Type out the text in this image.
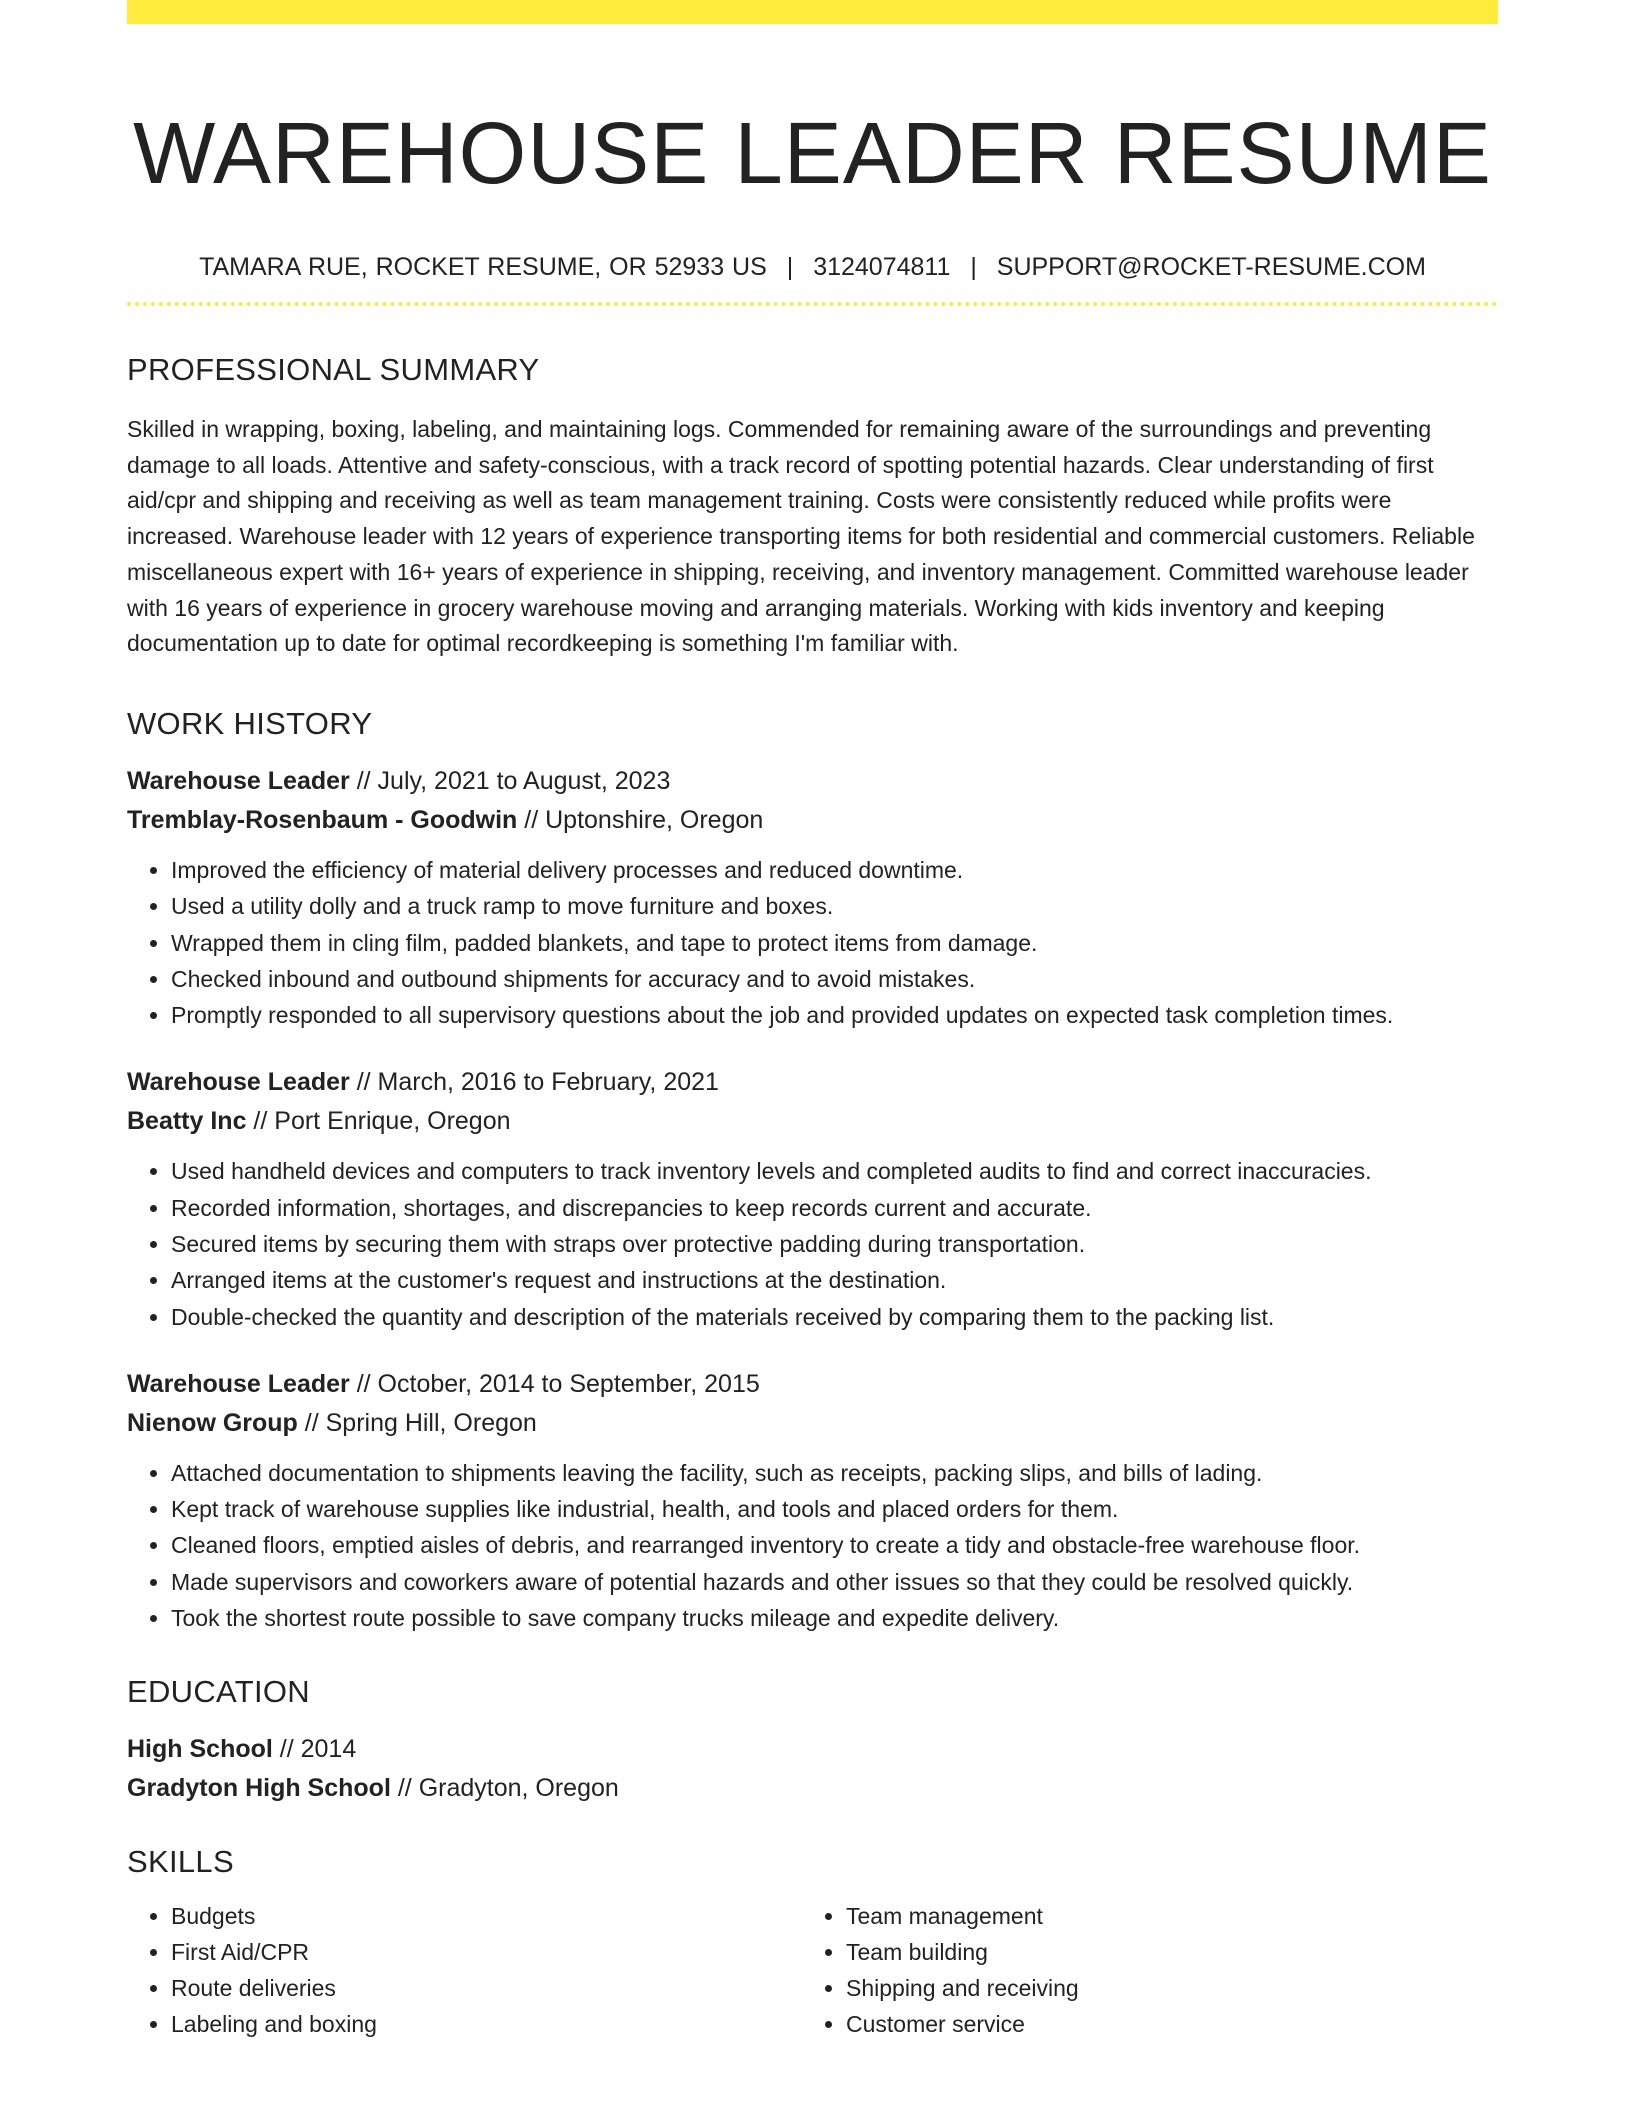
WAREHOUSE LEADER RESUME
TAMARA RUE, ROCKET RESUME, OR 52933 US | 3124074811 | SUPPORT@ROCKET-RESUME.COM
PROFESSIONAL SUMMARY
Skilled in wrapping, boxing, labeling, and maintaining logs. Commended for remaining aware of the surroundings and preventing damage to all loads. Attentive and safety-conscious, with a track record of spotting potential hazards. Clear understanding of first aid/cpr and shipping and receiving as well as team management training. Costs were consistently reduced while profits were increased. Warehouse leader with 12 years of experience transporting items for both residential and commercial customers. Reliable miscellaneous expert with 16+ years of experience in shipping, receiving, and inventory management. Committed warehouse leader with 16 years of experience in grocery warehouse moving and arranging materials. Working with kids inventory and keeping documentation up to date for optimal recordkeeping is something I'm familiar with.
WORK HISTORY
Warehouse Leader // July, 2021 to August, 2023
Tremblay-Rosenbaum - Goodwin // Uptonshire, Oregon
• Improved the efficiency of material delivery processes and reduced downtime.
• Used a utility dolly and a truck ramp to move furniture and boxes.
• Wrapped them in cling film, padded blankets, and tape to protect items from damage.
• Checked inbound and outbound shipments for accuracy and to avoid mistakes.
• Promptly responded to all supervisory questions about the job and provided updates on expected task completion times.
Warehouse Leader // March, 2016 to February, 2021
Beatty Inc // Port Enrique, Oregon
• Used handheld devices and computers to track inventory levels and completed audits to find and correct inaccuracies.
• Recorded information, shortages, and discrepancies to keep records current and accurate.
• Secured items by securing them with straps over protective padding during transportation.
• Arranged items at the customer's request and instructions at the destination.
• Double-checked the quantity and description of the materials received by comparing them to the packing list.
Warehouse Leader // October, 2014 to September, 2015
Nienow Group // Spring Hill, Oregon
• Attached documentation to shipments leaving the facility, such as receipts, packing slips, and bills of lading.
• Kept track of warehouse supplies like industrial, health, and tools and placed orders for them.
• Cleaned floors, emptied aisles of debris, and rearranged inventory to create a tidy and obstacle-free warehouse floor.
• Made supervisors and coworkers aware of potential hazards and other issues so that they could be resolved quickly.
• Took the shortest route possible to save company trucks mileage and expedite delivery.
EDUCATION
High School // 2014
Gradyton High School // Gradyton, Oregon
SKILLS
• Budgets
• First Aid/CPR
• Route deliveries
• Labeling and boxing
• Team management
• Team building
• Shipping and receiving
• Customer service
